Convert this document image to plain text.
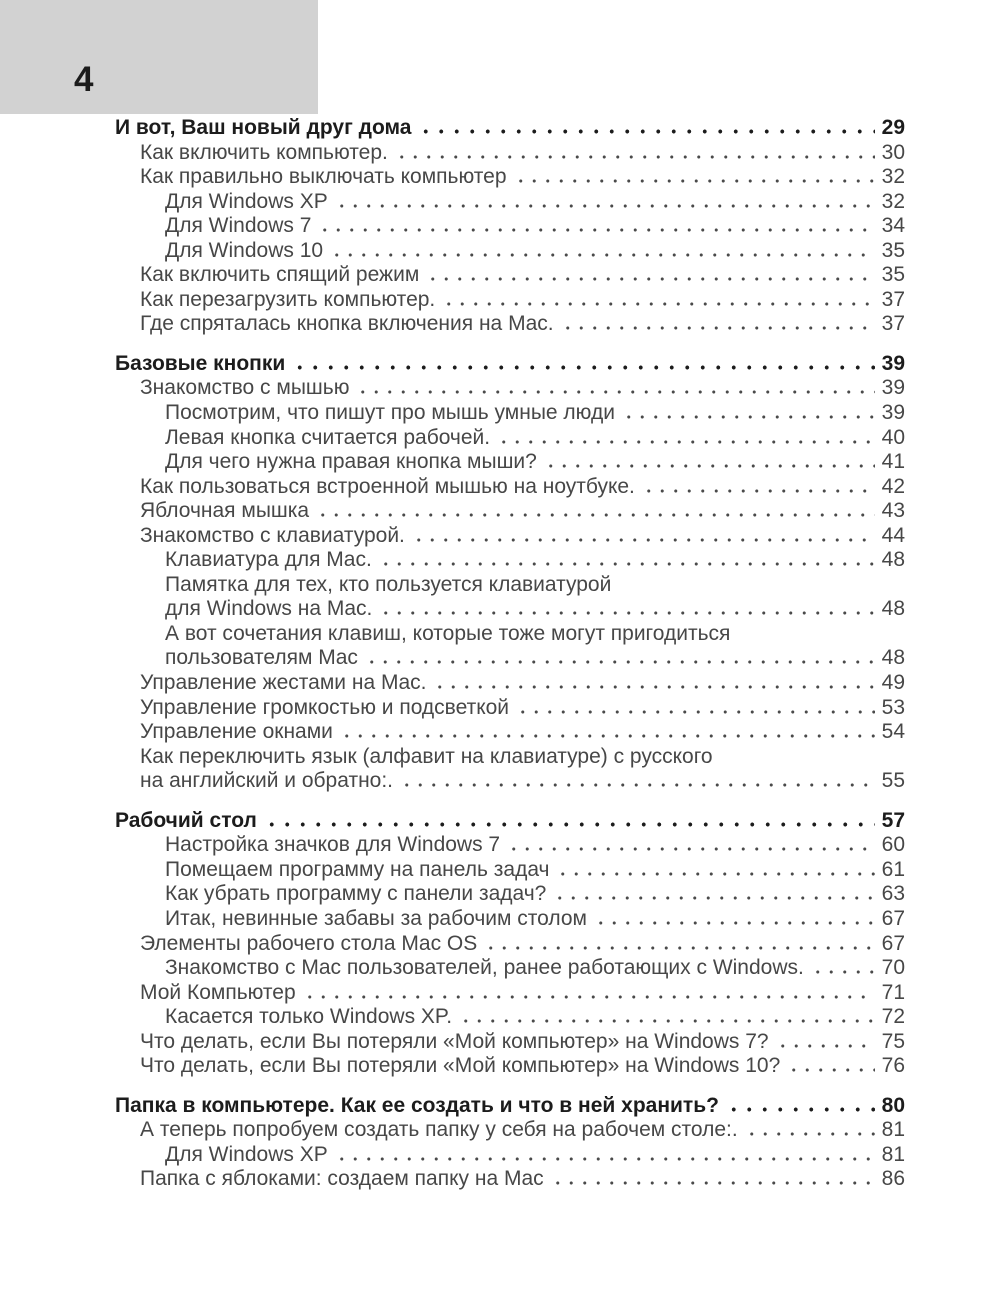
4
И вот, Ваш новый друг дома	29
Как включить компьютер.	30
Как правильно выключать компьютер	32
Для Windows XP	32
Для Windows 7	34
Для Windows 10	35
Как включить спящий режим	35
Как перезагрузить компьютер.	37
Где спряталась кнопка включения на Mac.	37
Базовые кнопки	39
Знакомство с мышью	39
Посмотрим, что пишут про мышь умные люди	39
Левая кнопка считается рабочей.	40
Для чего нужна правая кнопка мыши?	41
Как пользоваться встроенной мышью на ноутбуке.	42
Яблочная мышка	43
Знакомство с клавиатурой.	44
Клавиатура для Mac.	48
Памятка для тех, кто пользуется клавиатурой
для Windows на Mac.	48
А вот сочетания клавиш, которые тоже могут пригодиться
пользователям Mac	48
Управление жестами на Mac.	49
Управление громкостью и подсветкой	53
Управление окнами	54
Как переключить язык (алфавит на клавиатуре) с русского
на английский и обратно:.	55
Рабочий стол	57
Настройка значков для Windows 7	60
Помещаем программу на панель задач	61
Как убрать программу с панели задач?	63
Итак, невинные забавы за рабочим столом	67
Элементы рабочего стола Mac OS	67
Знакомство с Mac пользователей, ранее работающих с Windows.	70
Мой Компьютер	71
Касается только Windows XP.	72
Что делать, если Вы потеряли «Мой компьютер» на Windows 7?	75
Что делать, если Вы потеряли «Мой компьютер» на Windows 10?	76
Папка в компьютере. Как ее создать и что в ней хранить?	80
А теперь попробуем создать папку у себя на рабочем столе:.	81
Для Windows XP	81
Папка с яблоками: создаем папку на Mac	86
